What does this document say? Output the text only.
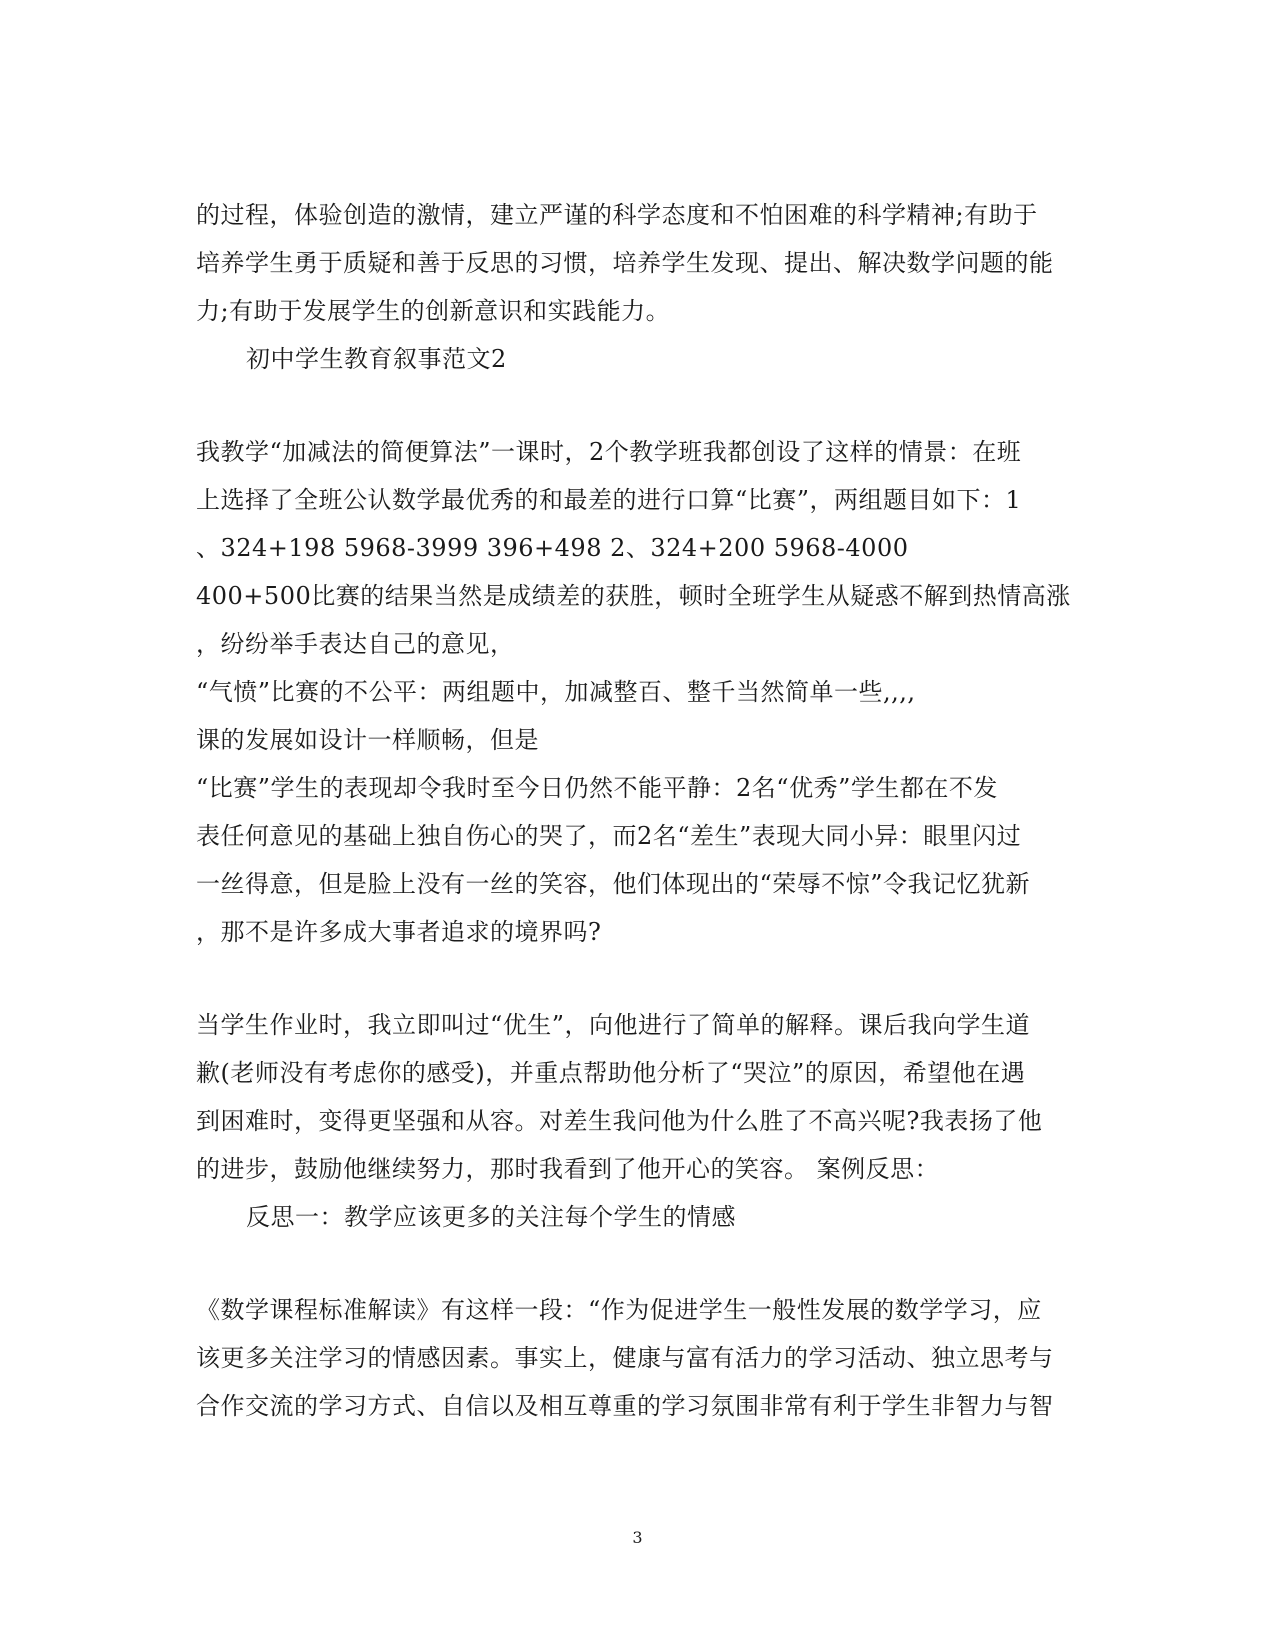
的过程，体验创造的激情，建立严谨的科学态度和不怕困难的科学精神;有助于
培养学生勇于质疑和善于反思的习惯，培养学生发现、提出、解决数学问题的能
力;有助于发展学生的创新意识和实践能力。
初中学生教育叙事范文2
我教学“加减法的简便算法”一课时，2个教学班我都创设了这样的情景：在班
上选择了全班公认数学最优秀的和最差的进行口算“比赛”，两组题目如下：1
、324+198 5968-3999 396+498 2、324+200 5968-4000
400+500比赛的结果当然是成绩差的获胜，顿时全班学生从疑惑不解到热情高涨
，纷纷举手表达自己的意见，
“气愤”比赛的不公平：两组题中，加减整百、整千当然简单一些,,,,
课的发展如设计一样顺畅，但是
“比赛”学生的表现却令我时至今日仍然不能平静：2名“优秀”学生都在不发
表任何意见的基础上独自伤心的哭了，而2名“差生”表现大同小异：眼里闪过
一丝得意，但是脸上没有一丝的笑容，他们体现出的“荣辱不惊”令我记忆犹新
，那不是许多成大事者追求的境界吗?
当学生作业时，我立即叫过“优生”，向他进行了简单的解释。课后我向学生道
歉(老师没有考虑你的感受)，并重点帮助他分析了“哭泣”的原因，希望他在遇
到困难时，变得更坚强和从容。对差生我问他为什么胜了不高兴呢?我表扬了他
的进步，鼓励他继续努力，那时我看到了他开心的笑容。 案例反思：
反思一：教学应该更多的关注每个学生的情感
《数学课程标准解读》有这样一段：“作为促进学生一般性发展的数学学习，应
该更多关注学习的情感因素。事实上，健康与富有活力的学习活动、独立思考与
合作交流的学习方式、自信以及相互尊重的学习氛围非常有利于学生非智力与智
3
